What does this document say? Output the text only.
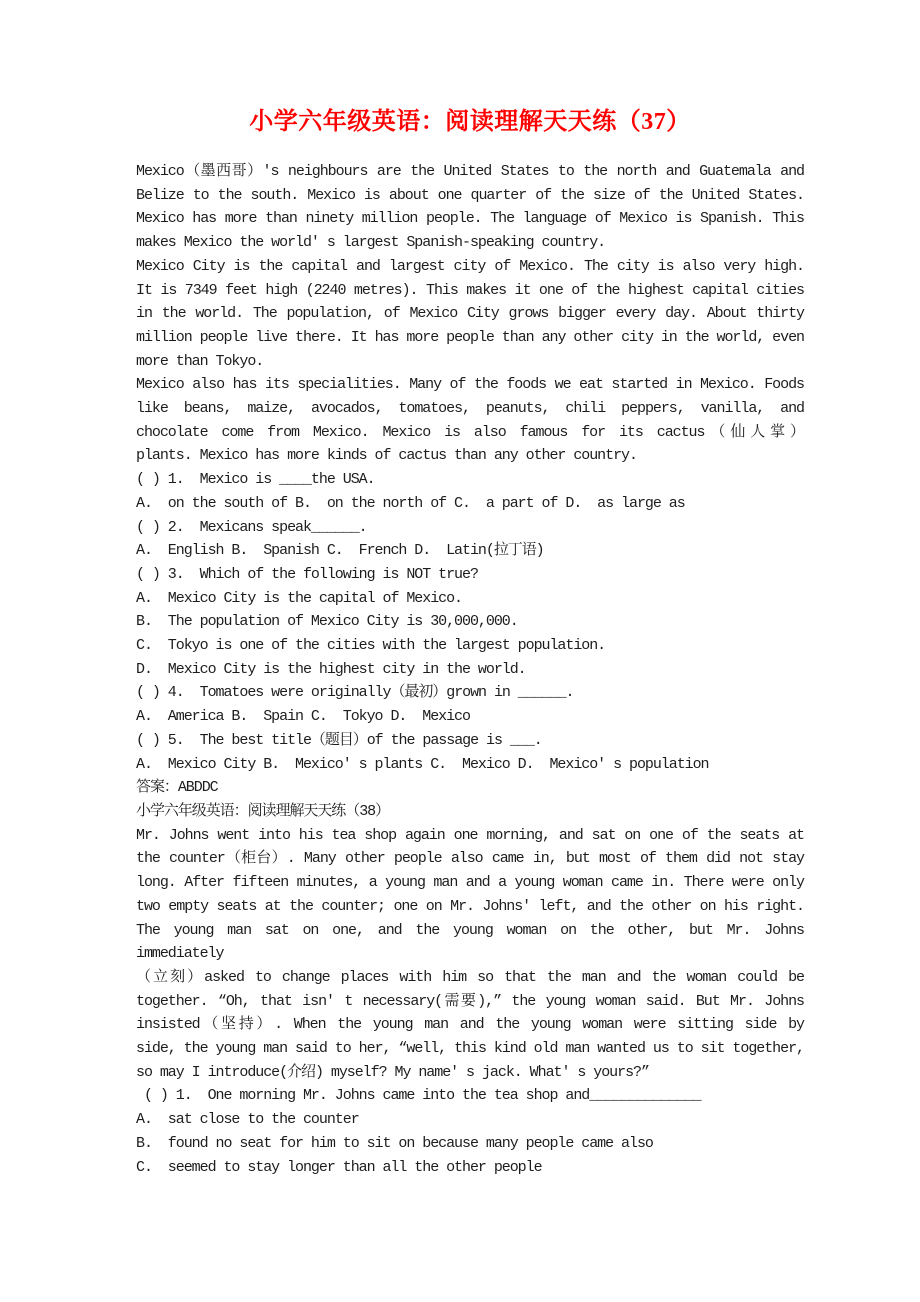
小学六年级英语：阅读理解天天练（37）
Mexico（墨西哥）'s neighbours are the United States to the north and Guatemala and
Belize to the south. Mexico is about one quarter of the size of the United States.
Mexico has more than ninety million people. The language of Mexico is Spanish. This
makes Mexico the world' s largest Spanish-speaking country.
Mexico City is the capital and largest city of Mexico. The city is also very high.
It is 7349 feet high (2240 metres). This makes it one of the highest capital cities
in the world. The population, of Mexico City grows bigger every day. About thirty
million people live there. It has more people than any other city in the world, even
more than Tokyo.
Mexico also has its specialities. Many of the foods we eat started in Mexico. Foods
like beans, maize, avocados, tomatoes, peanuts, chili peppers, vanilla, and
chocolate come from Mexico. Mexico is also famous for its cactus（仙人掌）
plants. Mexico has more kinds of cactus than any other country.
( ) 1.  Mexico is ____the USA.
A.  on the south of B.  on the north of C.  a part of D.  as large as
( ) 2.  Mexicans speak______.
A.  English B.  Spanish C.  French D.  Latin(拉丁语)
( ) 3.  Which of the following is NOT true?
A.  Mexico City is the capital of Mexico.
B.  The population of Mexico City is 30,000,000.
C.  Tokyo is one of the cities with the largest population.
D.  Mexico City is the highest city in the world.
( ) 4.  Tomatoes were originally（最初）grown in ______.
A.  America B.  Spain C.  Tokyo D.  Mexico
( ) 5.  The best title（题目）of the passage is ___.
A.  Mexico City B.  Mexico' s plants C.  Mexico D.  Mexico' s population
答案：ABDDC
小学六年级英语：阅读理解天天练（38）
Mr. Johns went into his tea shop again one morning, and sat on one of the seats at
the counter（柜台）. Many other people also came in, but most of them did not stay
long. After fifteen minutes, a young man and a young woman came in. There were only
two empty seats at the counter; one on Mr. Johns' left, and the other on his right.
The young man sat on one, and the young woman on the other, but Mr. Johns immediately
（立刻）asked to change places with him so that the man and the woman could be
together. “Oh, that isn' t necessary(需要),” the young woman said. But Mr. Johns
insisted（坚持）. When the young man and the young woman were sitting side by
side, the young man said to her, “well, this kind old man wanted us to sit together,
so may I introduce(介绍) myself? My name' s jack. What' s yours?”
( ) 1.  One morning Mr. Johns came into the tea shop and______________
A.  sat close to the counter
B.  found no seat for him to sit on because many people came also
C.  seemed to stay longer than all the other people
